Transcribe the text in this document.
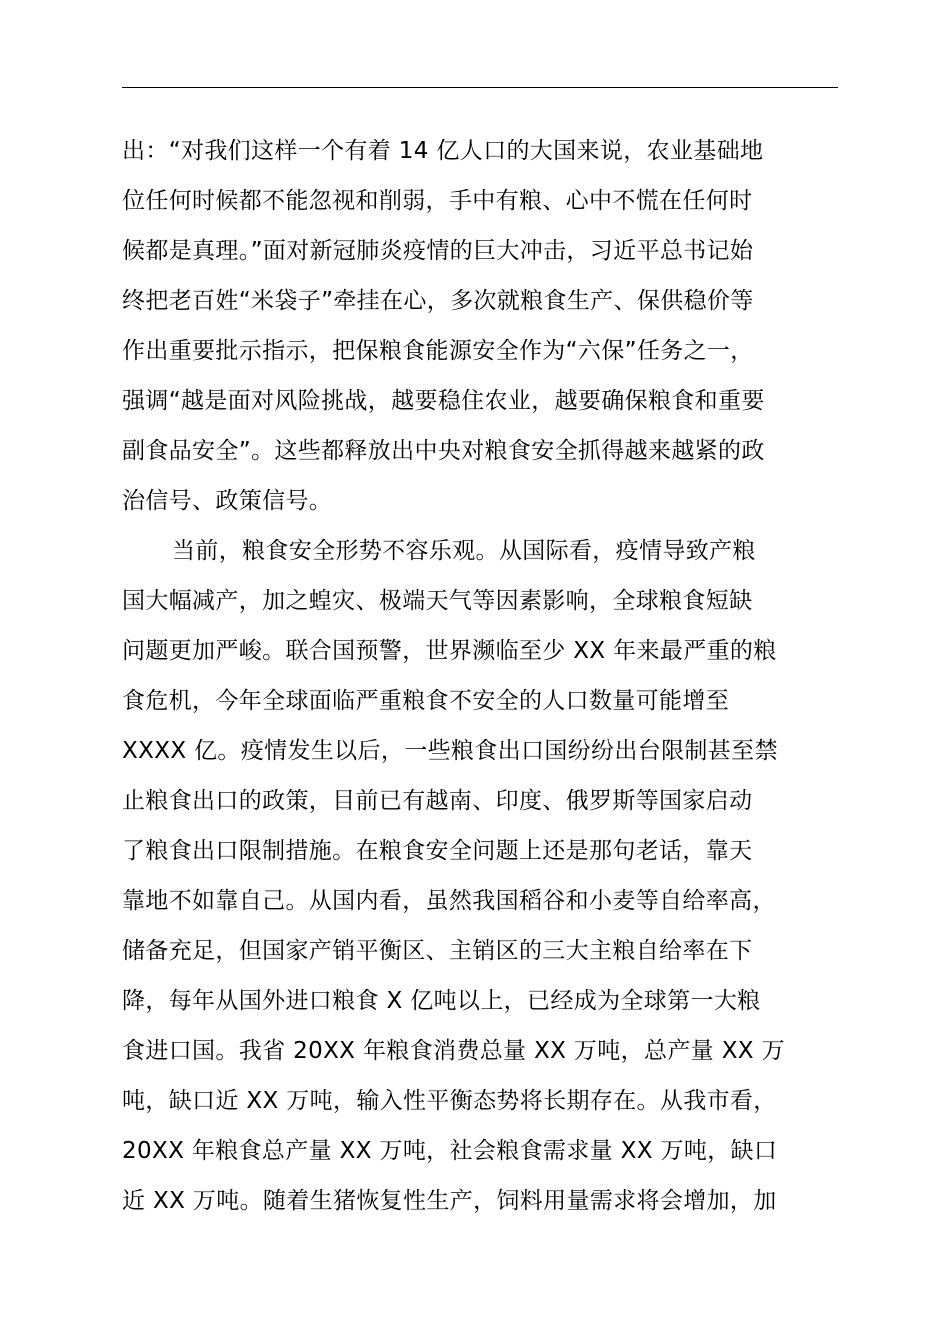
出：“对我们这样一个有着 14 亿人口的大国来说，农业基础地
位任何时候都不能忽视和削弱，手中有粮、心中不慌在任何时
候都是真理。”面对新冠肺炎疫情的巨大冲击，习近平总书记始
终把老百姓“米袋子”牵挂在心，多次就粮食生产、保供稳价等
作出重要批示指示，把保粮食能源安全作为“六保”任务之一，
强调“越是面对风险挑战，越要稳住农业，越要确保粮食和重要
副食品安全”。这些都释放出中央对粮食安全抓得越来越紧的政
治信号、政策信号。
当前，粮食安全形势不容乐观。从国际看，疫情导致产粮
国大幅减产，加之蝗灾、极端天气等因素影响，全球粮食短缺
问题更加严峻。联合国预警，世界濒临至少 XX 年来最严重的粮
食危机，今年全球面临严重粮食不安全的人口数量可能增至
XXXX 亿。疫情发生以后，一些粮食出口国纷纷出台限制甚至禁
止粮食出口的政策，目前已有越南、印度、俄罗斯等国家启动
了粮食出口限制措施。在粮食安全问题上还是那句老话，靠天
靠地不如靠自己。从国内看，虽然我国稻谷和小麦等自给率高，
储备充足，但国家产销平衡区、主销区的三大主粮自给率在下
降，每年从国外进口粮食 X 亿吨以上，已经成为全球第一大粮
食进口国。我省 20XX 年粮食消费总量 XX 万吨，总产量 XX 万
吨，缺口近 XX 万吨，输入性平衡态势将长期存在。从我市看，
20XX 年粮食总产量 XX 万吨，社会粮食需求量 XX 万吨，缺口
近 XX 万吨。随着生猪恢复性生产，饲料用量需求将会增加，加
